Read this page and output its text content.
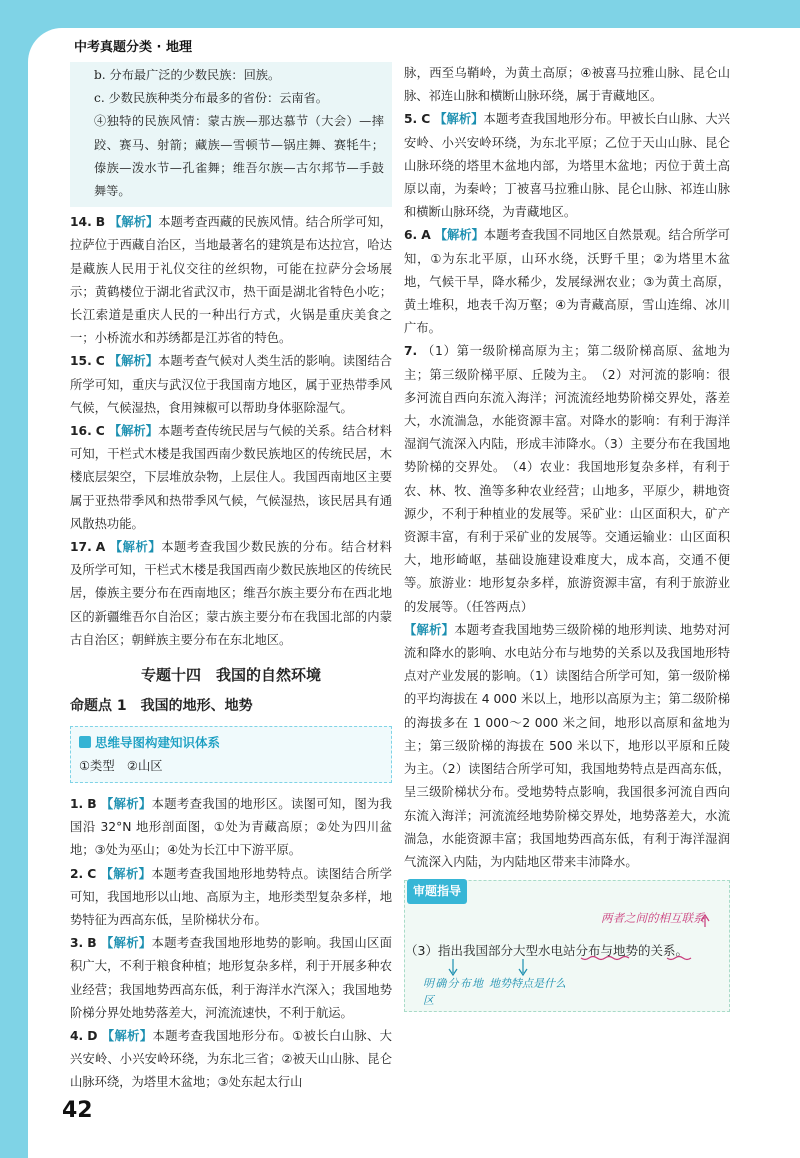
中考真题分类 · 地理

b. 分布最广泛的少数民族：回族。

c. 少数民族种类分布最多的省份：云南省。

④独特的民族风情：蒙古族—那达慕节（大会）—摔跤、赛马、射箭；藏族—雪顿节—锅庄舞、赛牦牛；傣族—泼水节—孔雀舞；维吾尔族—古尔邦节—手鼓舞等。

14. B 【解析】本题考查西藏的民族风情。结合所学可知，拉萨位于西藏自治区，当地最著名的建筑是布达拉宫，哈达是藏族人民用于礼仪交往的丝织物，可能在拉萨分会场展示；黄鹤楼位于湖北省武汉市，热干面是湖北省特色小吃；长江索道是重庆人民的一种出行方式，火锅是重庆美食之一；小桥流水和苏绣都是江苏省的特色。

15. C 【解析】本题考查气候对人类生活的影响。读图结合所学可知，重庆与武汉位于我国南方地区，属于亚热带季风气候，气候湿热，食用辣椒可以帮助身体驱除湿气。

16. C 【解析】本题考查传统民居与气候的关系。结合材料可知，干栏式木楼是我国西南少数民族地区的传统民居，木楼底层架空，下层堆放杂物，上层住人。我国西南地区主要属于亚热带季风和热带季风气候，气候湿热，该民居具有通风散热功能。

17. A 【解析】本题考查我国少数民族的分布。结合材料及所学可知，干栏式木楼是我国西南少数民族地区的传统民居，傣族主要分布在西南地区；维吾尔族主要分布在西北地区的新疆维吾尔自治区；蒙古族主要分布在我国北部的内蒙古自治区；朝鲜族主要分布在东北地区。

专题十四　我国的自然环境
命题点 1　我国的地形、地势
思维导图构建知识体系
①类型　②山区

1. B 【解析】本题考查我国的地形区。读图可知，图为我国沿 32°N 地形剖面图，①处为青藏高原；②处为四川盆地；③处为巫山；④处为长江中下游平原。

2. C 【解析】本题考查我国地形地势特点。读图结合所学可知，我国地形以山地、高原为主，地形类型复杂多样，地势特征为西高东低，呈阶梯状分布。

3. B 【解析】本题考查我国地形地势的影响。我国山区面积广大，不利于粮食种植；地形复杂多样，利于开展多种农业经营；我国地势西高东低，利于海洋水汽深入；我国地势阶梯分界处地势落差大，河流流速快，不利于航运。

4. D 【解析】本题考查我国地形分布。①被长白山脉、大兴安岭、小兴安岭环绕，为东北三省；②被天山山脉、昆仑山脉环绕，为塔里木盆地；③处东起太行山

脉，西至乌鞘岭，为黄土高原；④被喜马拉雅山脉、昆仑山脉、祁连山脉和横断山脉环绕，属于青藏地区。

5. C 【解析】本题考查我国地形分布。甲被长白山脉、大兴安岭、小兴安岭环绕，为东北平原；乙位于天山山脉、昆仑山脉环绕的塔里木盆地内部，为塔里木盆地；丙位于黄土高原以南，为秦岭；丁被喜马拉雅山脉、昆仑山脉、祁连山脉和横断山脉环绕，为青藏地区。

6. A 【解析】本题考查我国不同地区自然景观。结合所学可知，①为东北平原，山环水绕，沃野千里；②为塔里木盆地，气候干旱，降水稀少，发展绿洲农业；③为黄土高原，黄土堆积，地表千沟万壑；④为青藏高原，雪山连绵、冰川广布。

7. （1）第一级阶梯高原为主；第二级阶梯高原、盆地为主；第三级阶梯平原、丘陵为主。　（2）对河流的影响：很多河流自西向东流入海洋；河流流经地势阶梯交界处，落差大，水流湍急，水能资源丰富。对降水的影响：有利于海洋湿润气流深入内陆，形成丰沛降水。（3）主要分布在我国地势阶梯的交界处。　（4）农业：我国地形复杂多样，有利于农、林、牧、渔等多种农业经营；山地多，平原少，耕地资源少，不利于种植业的发展等。采矿业：山区面积大，矿产资源丰富，有利于采矿业的发展等。交通运输业：山区面积大，地形崎岖，基础设施建设难度大，成本高，交通不便等。旅游业：地形复杂多样，旅游资源丰富，有利于旅游业的发展等。（任答两点）

【解析】本题考查我国地势三级阶梯的地形判读、地势对河流和降水的影响、水电站分布与地势的关系以及我国地形特点对产业发展的影响。（1）读图结合所学可知，第一级阶梯的平均海拔在 4 000 米以上，地形以高原为主；第二级阶梯的海拔多在 1 000～2 000 米之间，地形以高原和盆地为主；第三级阶梯的海拔在 500 米以下，地形以平原和丘陵为主。（2）读图结合所学可知，我国地势特点是西高东低，呈三级阶梯状分布。受地势特点影响，我国很多河流自西向东流入海洋；河流流经地势阶梯交界处，地势落差大，水流湍急，水能资源丰富；我国地势西高东低，有利于海洋湿润气流深入内陆，为内陆地区带来丰沛降水。

审题指导
两者之间的相互联系
（3）指出我国部分大型水电站分布与地势的关系。
明确分布地区
地势特点是什么
42
